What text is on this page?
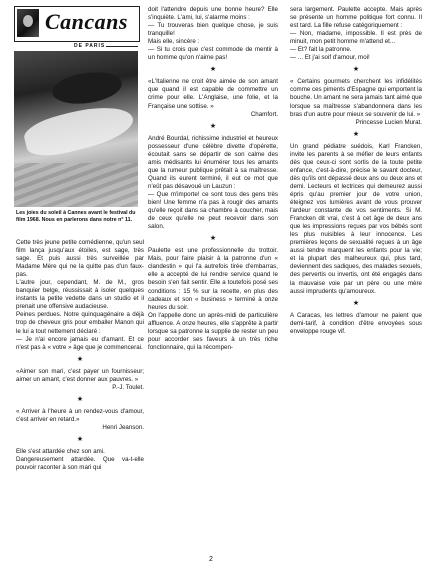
Cancans
DE PARIS
Les joies du soleil à Cannes avant le festival du film 1968. Nous en parlerons dans notre n° 11.

Cette très jeune petite comédienne, qu'un seul film lança jusqu'aux étoiles, est sage, très sage. Et puis aussi très surveillée par Madame Mère qui ne la quitte pas d'un faux-pas.

L'autre jour, cependant, M. de M., gros banquier belge, réussissait à isoler quelques instants la petite vedette dans un studio et il prenait une offensive audacieuse.

Peines perdues. Notre quinquagénaire a déjà trop de cheveux gris pour emballer Manon qui le lui a tout nettement déclaré :

— Je n'ai encore jamais eu d'amant. Et ce n'est pas à « votre » âge que je commencerai.

★

«Aimer son mari, c'est payer un fournisseur; aimer un amant, c'est donner aux pauvres. »

P.-J. Toulet.

★

« Arriver à l'heure à un rendez-vous d'amour, c'est arriver en retard.»

Henri Jeanson.

★

Elle s'est attardée chez son ami.

Dangereusement attardée. Que va-t-elle pouvoir raconter à son mari qui

doit l'attendre depuis une bonne heure? Elle s'inquiète. L'ami, lui, s'alarme moins :

— Tu trouveras bien quelque chose, je suis tranquille!

Mais elle, sincère :

— Si tu crois que c'est commode de mentir à un homme qu'on n'aime pas!

★

«L'Italienne ne croit être aimée de son amant que quand il est capable de commettre un crime pour elle. L'Anglaise, une folie, et la Française une sottise. »

Chamfort.

★

André Bourdal, richissime industriel et heureux possesseur d'une célèbre divette d'opérette, écoutait sans se départir de son calme des amis médisants lui énumérer tous les amants que la rumeur publique prêtait à sa maîtresse. Quand ils eurent terminé, il eut ce mot que n'eût pas désavoué un Lauzun :

— Que m'importe! ce sont tous des gens très bien! Une femme n'a pas à rougir des amants qu'elle reçoit dans sa chambre à coucher, mais de ceux qu'elle ne peut recevoir dans son salon.

★

Paulette est une professionnelle du trottoir. Mais, pour faire plaisir à la patronne d'un « clandestin » qui l'a autrefois tirée d'embarras, elle a accepté de lui rendre service quand le besoin s'en fait sentir. Elle a toutefois posé ses conditions : 15 % sur la recette, en plus des cadeaux et son « business » terminé à onze heures du soir.

On l'appelle donc un après-midi de particulière affluence. A onze heures, elle s'apprête à partir lorsque sa patronne la supplie de rester un peu pour accorder ses faveurs à un très riche fonctionnaire, qui la récompen-

sera largement. Paulette accepte. Mais après se présente un homme politique fort connu. Il est tard. La fille refuse catégoriquement :

— Non, madame, impossible. Il est près de minuit, mon petit homme m'attend et...

— Et? fait la patronne.

— ... Et j'ai soif d'amour, moi!

★

« Certains gourmets cherchent les infidélités comme ces piments d'Espagne qui emportent la bouche. Un amant ne sera jamais tant aimé que lorsque sa maîtresse s'abandonnera dans les bras d'un autre pour mieux se souvenir de lui. »

Princesse Lucien Murat.

★

Un grand pédiatre suédois, Karl Francken, invite les parents à se méfier de leurs enfants dès que ceux-ci sont sortis de la toute petite enfance, c'est-à-dire, précise le savant docteur, dès qu'ils ont dépassé deux ans ou deux ans et demi. Lecteurs et lectrices qui demeurez aussi épris qu'au premier jour de votre union, éteignez vos lumières avant de vous prouver l'ardeur constante de vos sentiments. Si M. Francken dit vrai, c'est à cet âge de deux ans que les impressions reçues par vos bébés sont les plus nuisibles à leur innocence. Les premières leçons de sexualité reçues à un âge aussi tendre marquent les enfants pour la vie; et la plupart des malheureux qui, plus tard, deviennent des sadiques, des malades sexuels, des pervertis ou invertis, ont été engagés dans la mauvaise voie par un père ou une mère aussi imprudents qu'amoureux.

★

A Caracas, les lettres d'amour ne paient que demi-tarif, à condition d'être envoyées sous enveloppe rouge vif.

2
